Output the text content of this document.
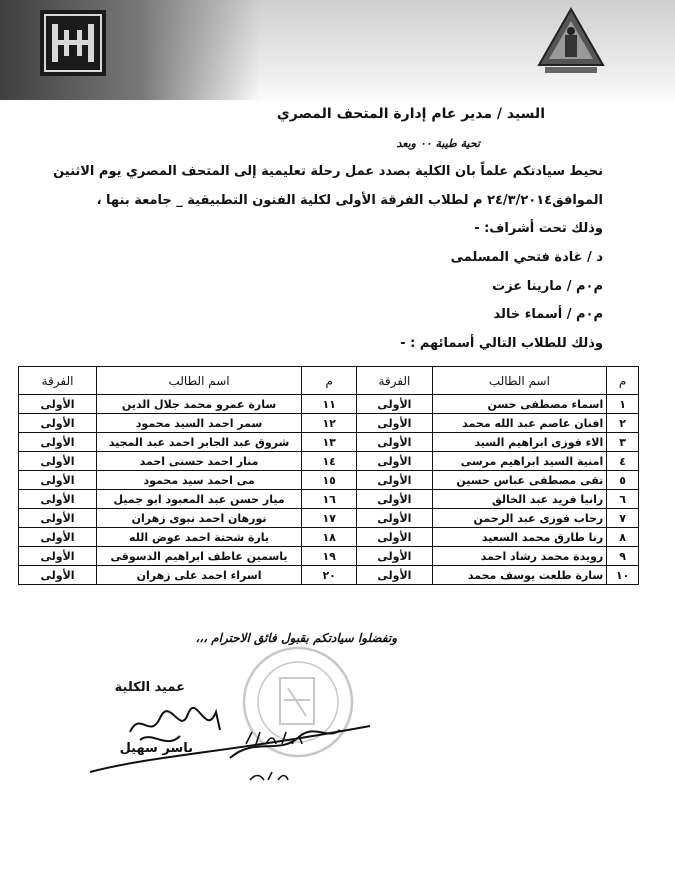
السيد / مدير عام إدارة المتحف المصري
تحية طيبة ٠٠ وبعد
نحيط سيادتكم علماً بان الكلية بصدد عمل رحلة تعليمية إلى المتحف المصري يوم الاثنين
الموافق٢٤/٣/٢٠١٤ م لطلاب الفرقة الأولى لكلية الفنون التطبيقية _ جامعة بنها ،
وذلك تحت أشراف: -
د / غادة فتحي المسلمى
م٠م / مارينا عزت
م٠م / أسماء خالد
وذلك للطلاب التالي أسمائهم : -
م	اسم الطالب	الفرقة	م	اسم الطالب	الفرقة
١	اسماء مصطفى حسن	الأولى	١١	سارة عمرو محمد جلال الدين	الأولى
٢	افنان عاصم عبد الله محمد	الأولى	١٢	سمر احمد السيد محمود	الأولى
٣	الاء فوزى ابراهيم السيد	الأولى	١٣	شروق عبد الجابر احمد عبد المجيد	الأولى
٤	امنية السيد ابراهيم مرسى	الأولى	١٤	منار احمد حسنى احمد	الأولى
٥	تقى مصطفى عباس حسين	الأولى	١٥	مى احمد سيد محمود	الأولى
٦	رانيا فريد عبد الخالق	الأولى	١٦	ميار حسن عبد المعبود ابو جميل	الأولى
٧	رحاب فوزى عبد الرحمن	الأولى	١٧	نورهان احمد نبوى زهران	الأولى
٨	رنا طارق محمد السعيد	الأولى	١٨	يارة شحتة احمد عوض الله	الأولى
٩	رويدة محمد رشاد احمد	الأولى	١٩	ياسمين عاطف ابراهيم الدسوقى	الأولى
١٠	سارة طلعت يوسف محمد	الأولى	٢٠	اسراء احمد على زهران	الأولى
وتفضلوا سيادتكم بقبول فائق الاحترام ،،،
عميد الكلية
ياسر سهيل
